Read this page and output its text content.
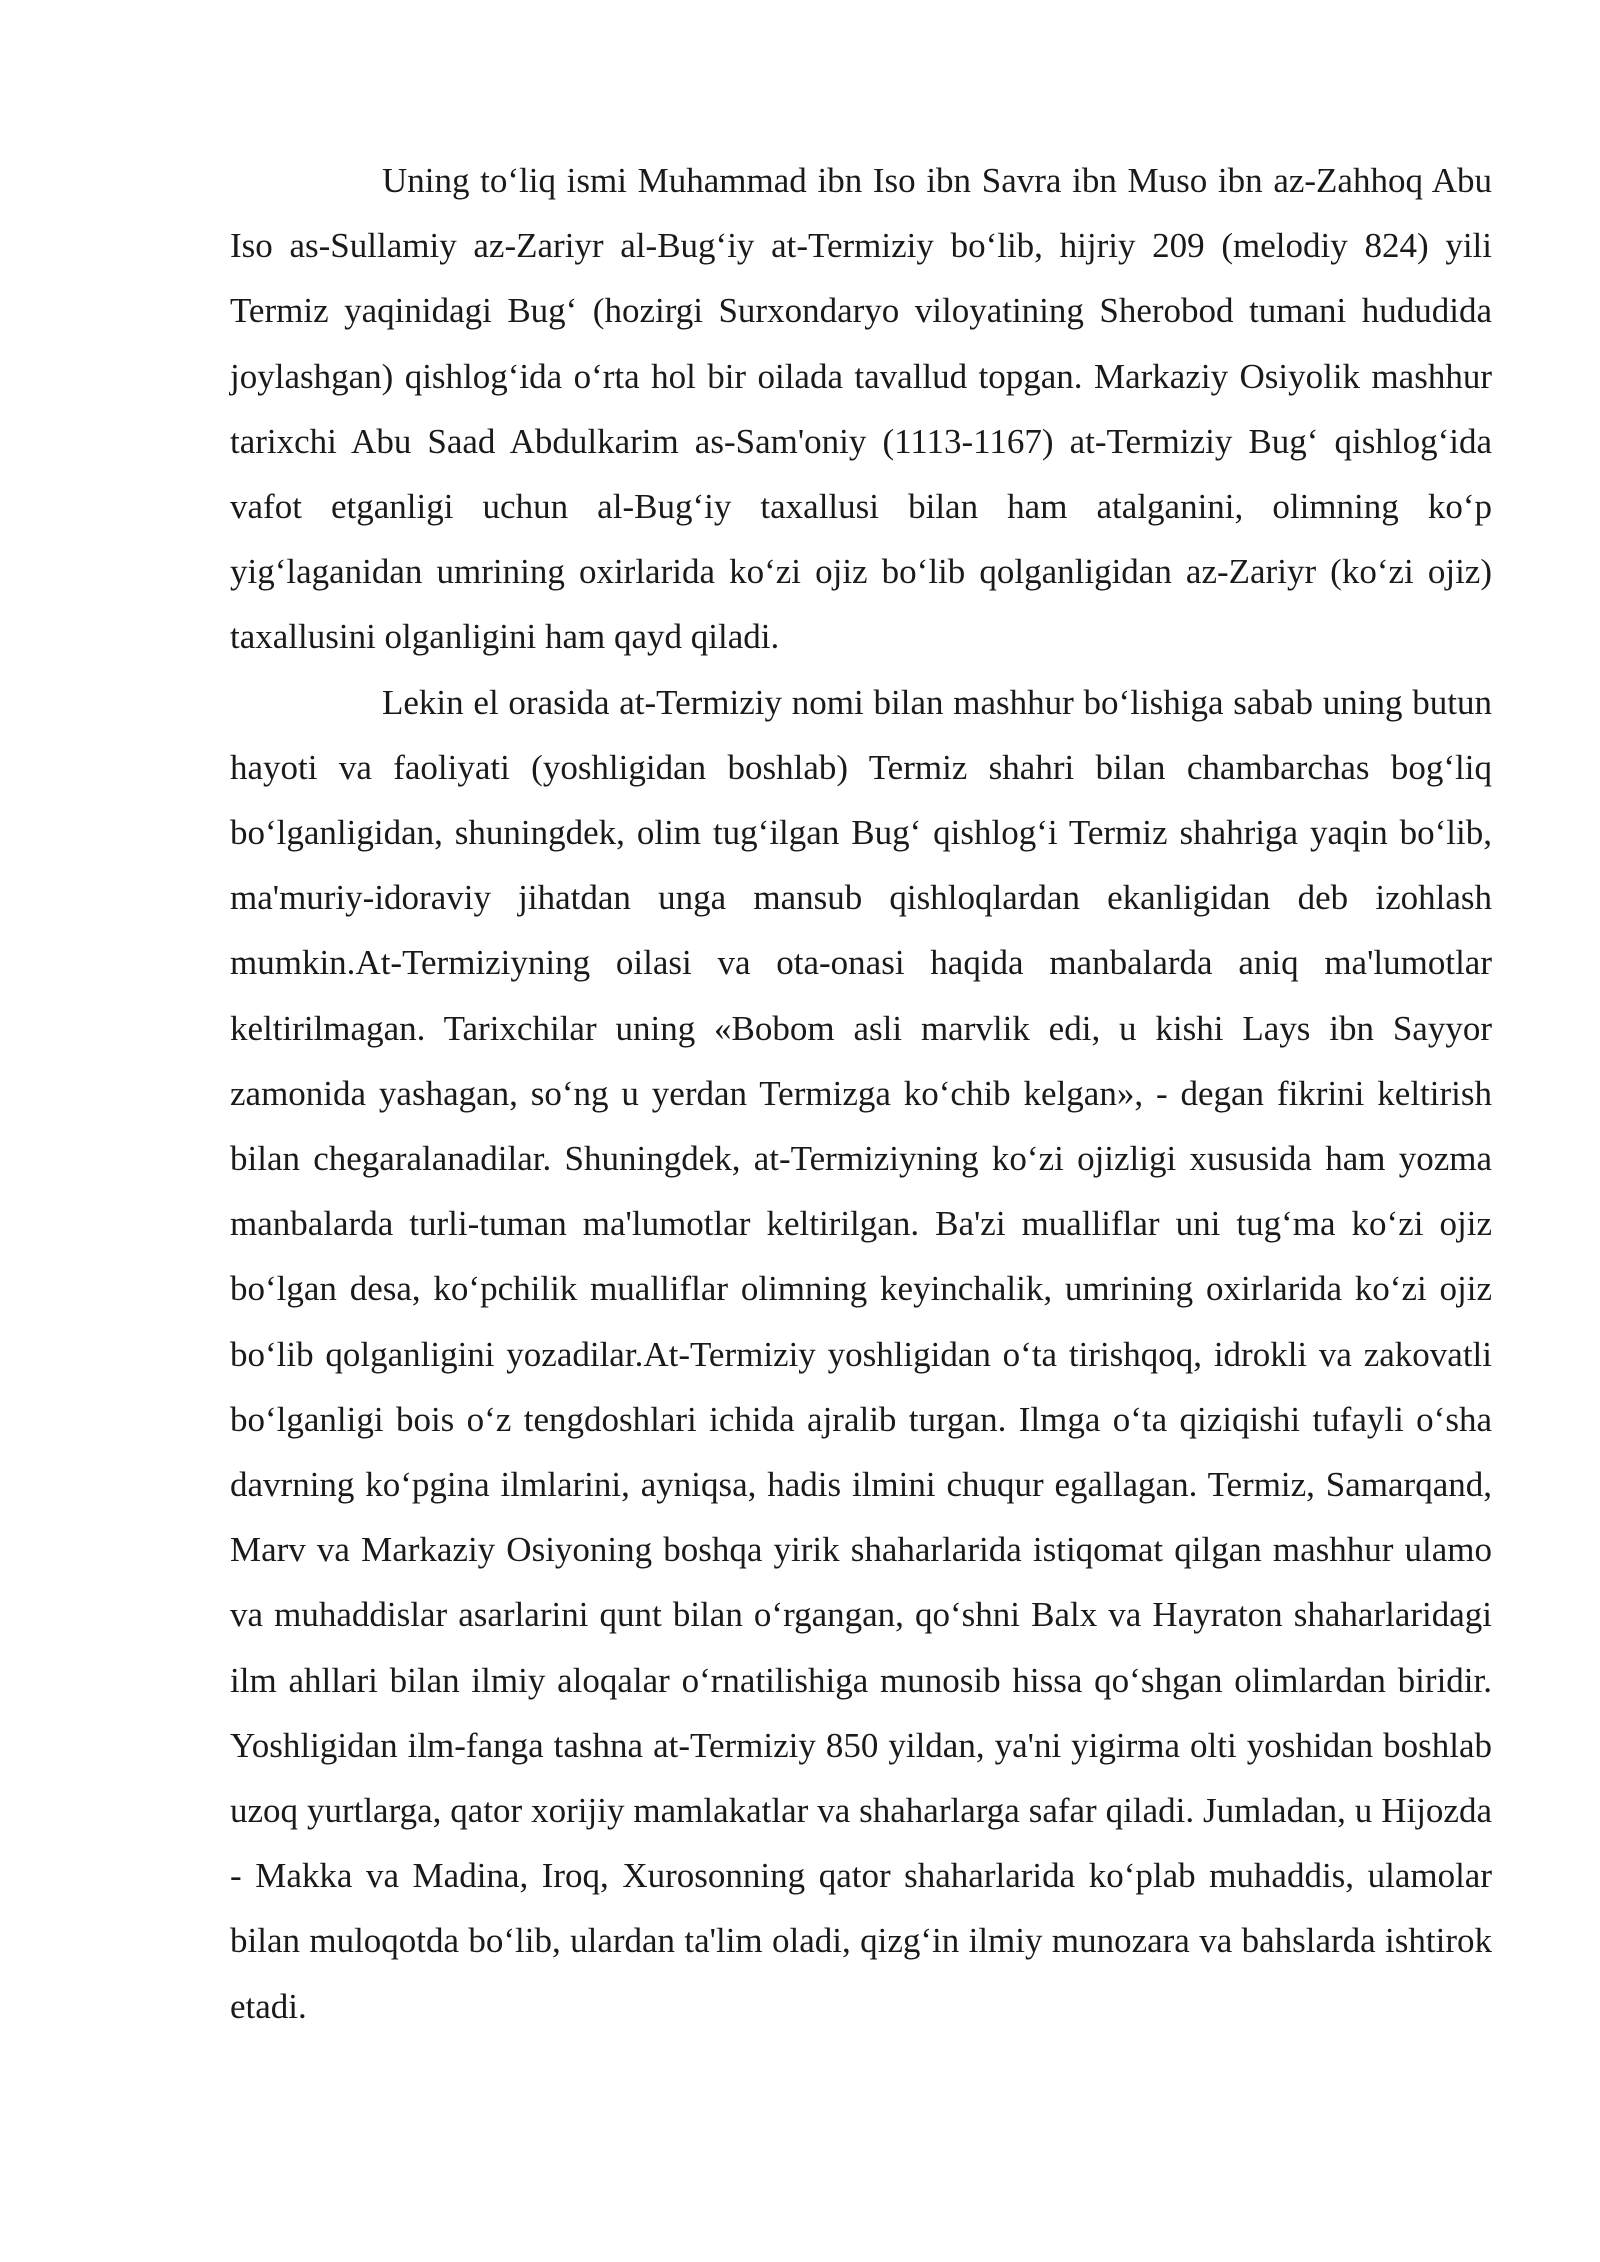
Uning to‘liq ismi Muhammad ibn Iso ibn Savra ibn Muso ibn az-Zahhoq Abu Iso as-Sullamiy az-Zariyr al-Bug‘iy at-Termiziy bo‘lib, hijriy 209 (melodiy 824) yili Termiz yaqinidagi Bug‘ (hozirgi Surxondaryo viloyatining Sherobod tumani hududida joylashgan) qishlog‘ida o‘rta hol bir oilada tavallud topgan. Markaziy Osiyolik mashhur tarixchi Abu Saad Abdulkarim as-Sam'oniy (1113-1167) at-Termiziy Bug‘ qishlog‘ida vafot etganligi uchun al-Bug‘iy taxallusi bilan ham atalganini, olimning ko‘p yig‘laganidan umrining oxirlarida ko‘zi ojiz bo‘lib qolganligidan az-Zariyr (ko‘zi ojiz) taxallusini olganligini ham qayd qiladi.

Lekin el orasida at-Termiziy nomi bilan mashhur bo‘lishiga sabab uning butun hayoti va faoliyati (yoshligidan boshlab) Termiz shahri bilan chambarchas bog‘liq bo‘lganligidan, shuningdek, olim tug‘ilgan Bug‘ qishlog‘i Termiz shahriga yaqin bo‘lib, ma'muriy-idoraviy jihatdan unga mansub qishloqlardan ekanligidan deb izohlash mumkin.At-Termiziyning oilasi va ota-onasi haqida manbalarda aniq ma'lumotlar keltirilmagan. Tarixchilar uning «Bobom asli marvlik edi, u kishi Lays ibn Sayyor zamonida yashagan, so‘ng u yerdan Termizga ko‘chib kelgan», - degan fikrini keltirish bilan chegaralanadilar. Shuningdek, at-Termiziyning ko‘zi ojizligi xususida ham yozma manbalarda turli-tuman ma'lumotlar keltirilgan. Ba'zi mualliflar uni tug‘ma ko‘zi ojiz bo‘lgan desa, ko‘pchilik mualliflar olimning keyinchalik, umrining oxirlarida ko‘zi ojiz bo‘lib qolganligini yozadilar.At-Termiziy yoshligidan o‘ta tirishqoq, idrokli va zakovatli bo‘lganligi bois o‘z tengdoshlari ichida ajralib turgan. Ilmga o‘ta qiziqishi tufayli o‘sha davrning ko‘pgina ilmlarini, ayniqsa, hadis ilmini chuqur egallagan. Termiz, Samarqand, Marv va Markaziy Osiyoning boshqa yirik shaharlarida istiqomat qilgan mashhur ulamo va muhaddislar asarlarini qunt bilan o‘rgangan, qo‘shni Balx va Hayraton shaharlaridagi ilm ahllari bilan ilmiy aloqalar o‘rnatilishiga munosib hissa qo‘shgan olimlardan biridir. Yoshligidan ilm-fanga tashna at-Termiziy 850 yildan, ya'ni yigirma olti yoshidan boshlab uzoq yurtlarga, qator xorijiy mamlakatlar va shaharlarga safar qiladi. Jumladan, u Hijozda - Makka va Madina, Iroq, Xurosonning qator shaharlarida ko‘plab muhaddis, ulamolar bilan muloqotda bo‘lib, ulardan ta'lim oladi, qizg‘in ilmiy munozara va bahslarda ishtirok etadi.
